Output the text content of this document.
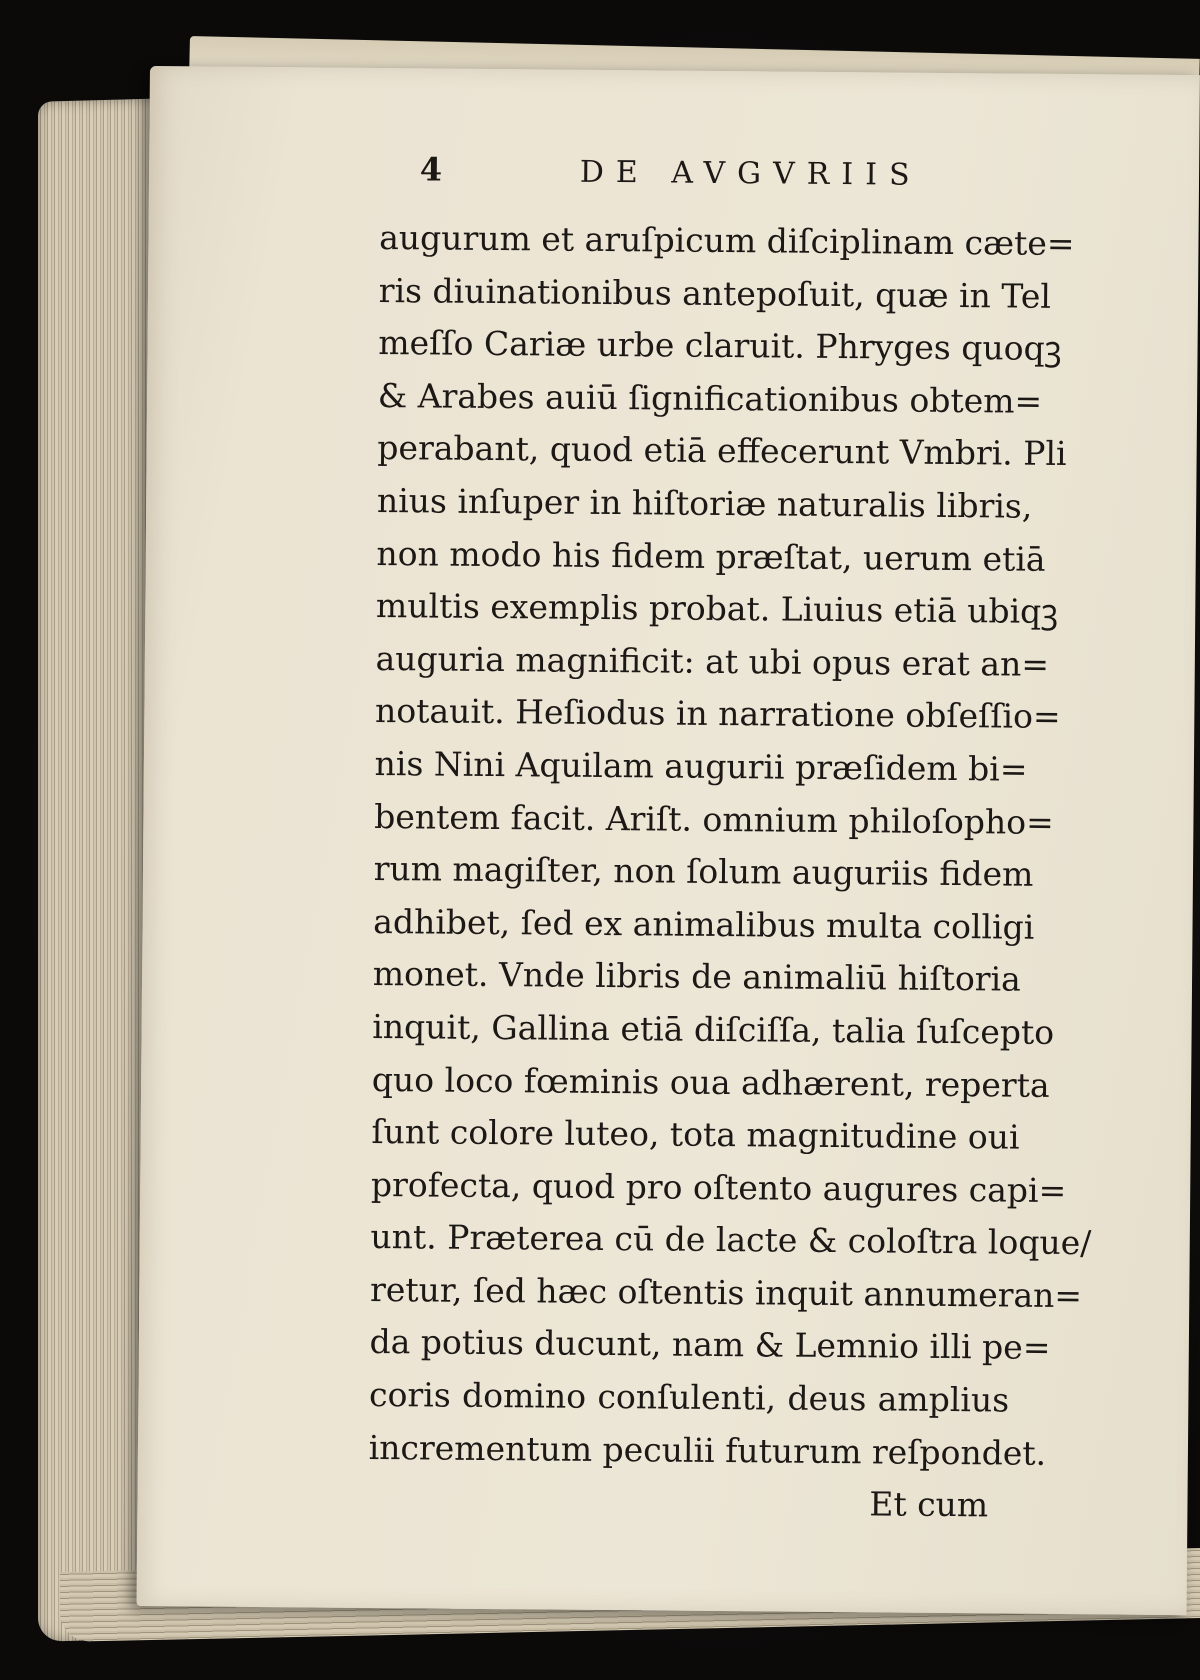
4	DE AVGVRIIS
augurum et aruſpicum diſciplinam cæte=
ris diuinationibus antepoſuit, quæ in Tel
meſſo Cariæ urbe claruit. Phryges quoqꝫ
& Arabes auiū ſignificationibus obtem=
perabant, quod etiā effecerunt Vmbri. Pli
nius inſuper in hiſtoriæ naturalis libris,
non modo his fidem præſtat, uerum etiā
multis exemplis probat. Liuius etiā ubiqꝫ
auguria magnificit: at ubi opus erat an=
notauit. Heſiodus in narratione obſeſſio=
nis Nini Aquilam augurii præſidem bi=
bentem facit. Ariſt. omnium philoſopho=
rum magiſter, non ſolum auguriis fidem
adhibet, ſed ex animalibus multa colligi
monet. Vnde libris de animaliū hiſtoria
inquit, Gallina etiā diſciſſa, talia ſuſcepto
quo loco fœminis oua adhærent, reperta
ſunt colore luteo, tota magnitudine oui
profecta, quod pro oſtento augures capi=
unt. Præterea cū de lacte & coloſtra loque/
retur, ſed hæc oſtentis inquit annumeran=
da potius ducunt, nam & Lemnio illi pe=
coris domino conſulenti, deus amplius
incrementum peculii futurum reſpondet.
Et cum
